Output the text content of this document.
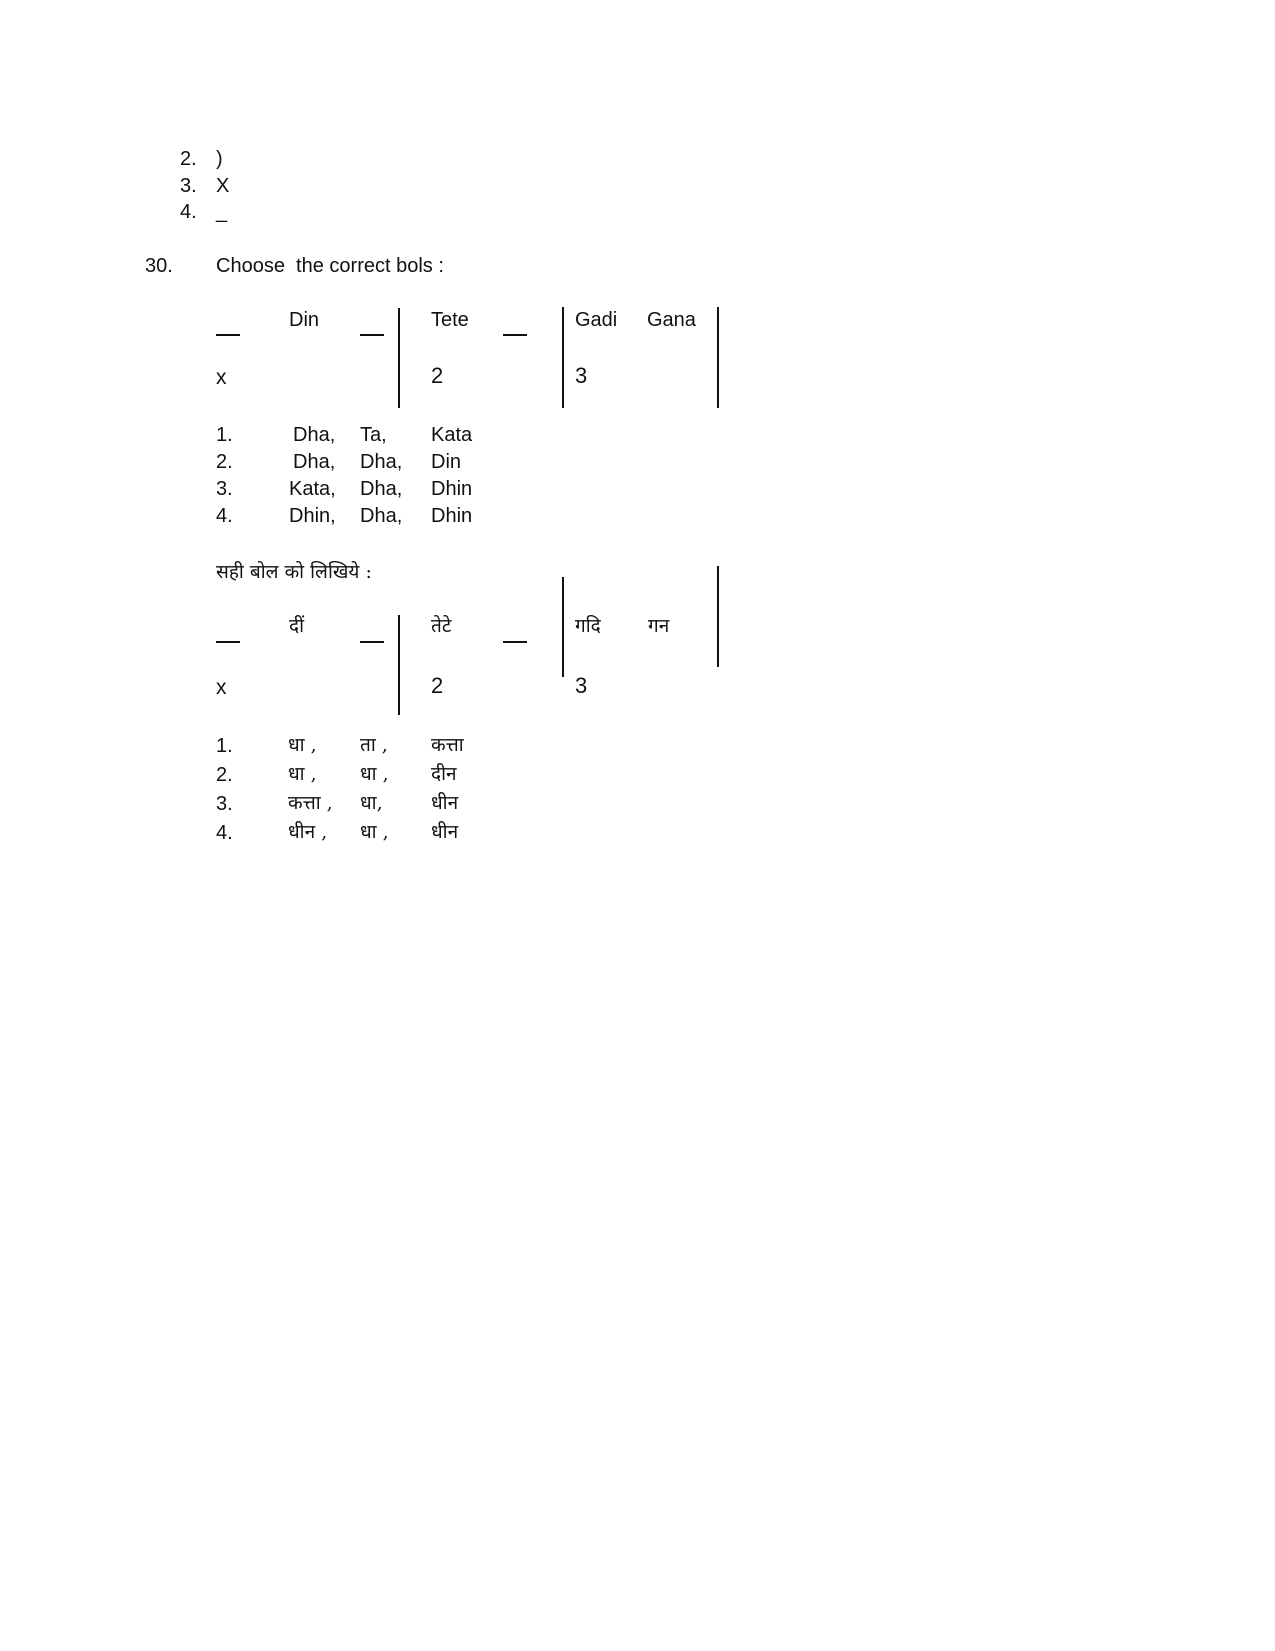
2. )
3. X
4. _
30. Choose  the correct bols :
Din	Tete	Gadi Gana
x	2	3
1.	Dha, Ta, Kata
2.	Dha, Dha, Din
3.	Kata, Dha, Dhin
4.	Dhin, Dha, Dhin
सही बोल को लिखिये :
दीं	तेटे	गदि गन
x	2	3
1.	धा , ता , कत्ता
2.	धा , धा , दीन
3.	कत्ता , धा,	धीन
4.	धीन , धा , धीन
